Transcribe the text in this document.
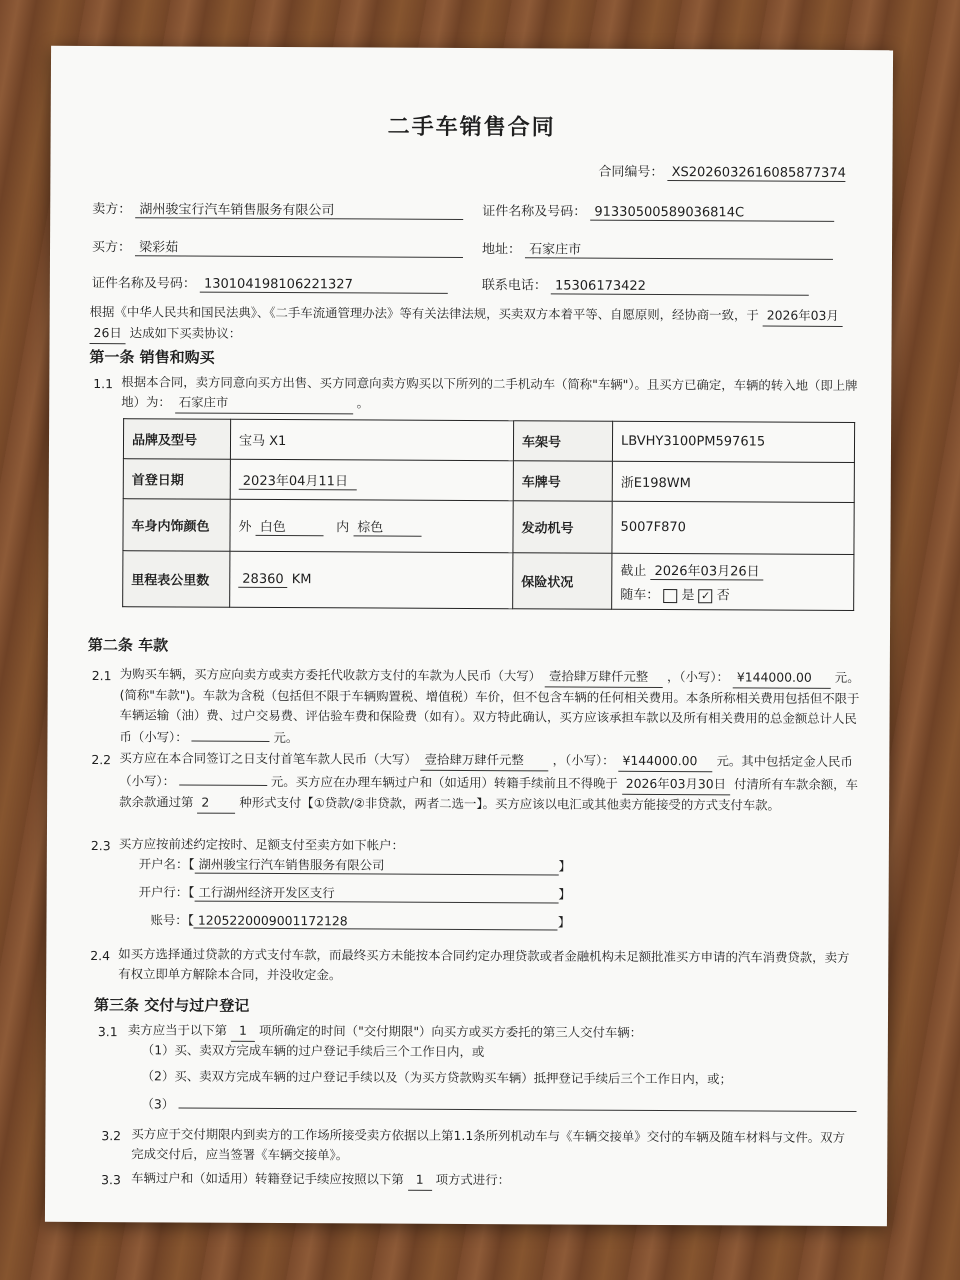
二手车销售合同
合同编号： XS2026032616085877374
卖方： 湖州骏宝行汽车销售服务有限公司	证件名称及号码： 91330500589036814C
买方： 梁彩茹	地址： 石家庄市
证件名称及号码： 130104198106221327	联系电话： 15306173422
根据《中华人民共和国民法典》、《二手车流通管理办法》等有关法律法规，买卖双方本着平等、自愿原则，经协商一致，于 2026年03月 26日 达成如下买卖协议：
第一条 销售和购买
1.1 根据本合同，卖方同意向买方出售、买方同意向卖方购买以下所列的二手机动车（简称"车辆"）。且买方已确定，车辆的转入地（即上牌地）为： 石家庄市	。
品牌及型号	宝马 X1	车架号	LBVHY3100PM597615
首登日期	2023年04月11日	车牌号	浙E198WM
车身内饰颜色	外 白色 内 棕色	发动机号	5007F870
里程表公里数	28360 KM	保险状况	截止 2026年03月26日
随车： 是 ✓ 否
第二条 车款
2.1 为购买车辆，买方应向卖方或卖方委托代收款方支付的车款为人民币（大写） 壹拾肆万肆仟元整 ，（小写）： ¥144000.00 元。(简称"车款")。车款为含税（包括但不限于车辆购置税、增值税）车价，但不包含车辆的任何相关费用。本条所称相关费用包括但不限于车辆运输（油）费、过户交易费、评估验车费和保险费（如有）。双方特此确认，买方应该承担车款以及所有相关费用的总金额总计人民币（小写）：	元。
2.2 买方应在本合同签订之日支付首笔车款人民币（大写） 壹拾肆万肆仟元整 ，（小写）： ¥144000.00 元。其中包括定金人民币（小写）：	元。买方应在办理车辆过户和（如适用）转籍手续前且不得晚于 2026年03月30日 付清所有车款余额，车款余款通过第 2 种形式支付【①贷款/②非贷款，两者二选一】。买方应该以电汇或其他卖方能接受的方式支付车款。
2.3 买方应按前述约定按时、足额支付至卖方如下帐户：
开户名：【 湖州骏宝行汽车销售服务有限公司	】
开户行：【 工行湖州经济开发区支行	】
账号：【 1205220009001172128	】
2.4 如买方选择通过贷款的方式支付车款，而最终买方未能按本合同约定办理贷款或者金融机构未足额批准买方申请的汽车消费贷款，卖方有权立即单方解除本合同，并没收定金。
第三条 交付与过户登记
3.1 卖方应当于以下第 1 项所确定的时间（"交付期限"）向买方或买方委托的第三人交付车辆：
（1）买、卖双方完成车辆的过户登记手续后三个工作日内，或
（2）买、卖双方完成车辆的过户登记手续以及（为买方贷款购买车辆）抵押登记手续后三个工作日内，或；
（3）
3.2 买方应于交付期限内到卖方的工作场所接受卖方依据以上第1.1条所列机动车与《车辆交接单》交付的车辆及随车材料与文件。双方完成交付后，应当签署《车辆交接单》。
3.3 车辆过户和（如适用）转籍登记手续应按照以下第 1 项方式进行：
